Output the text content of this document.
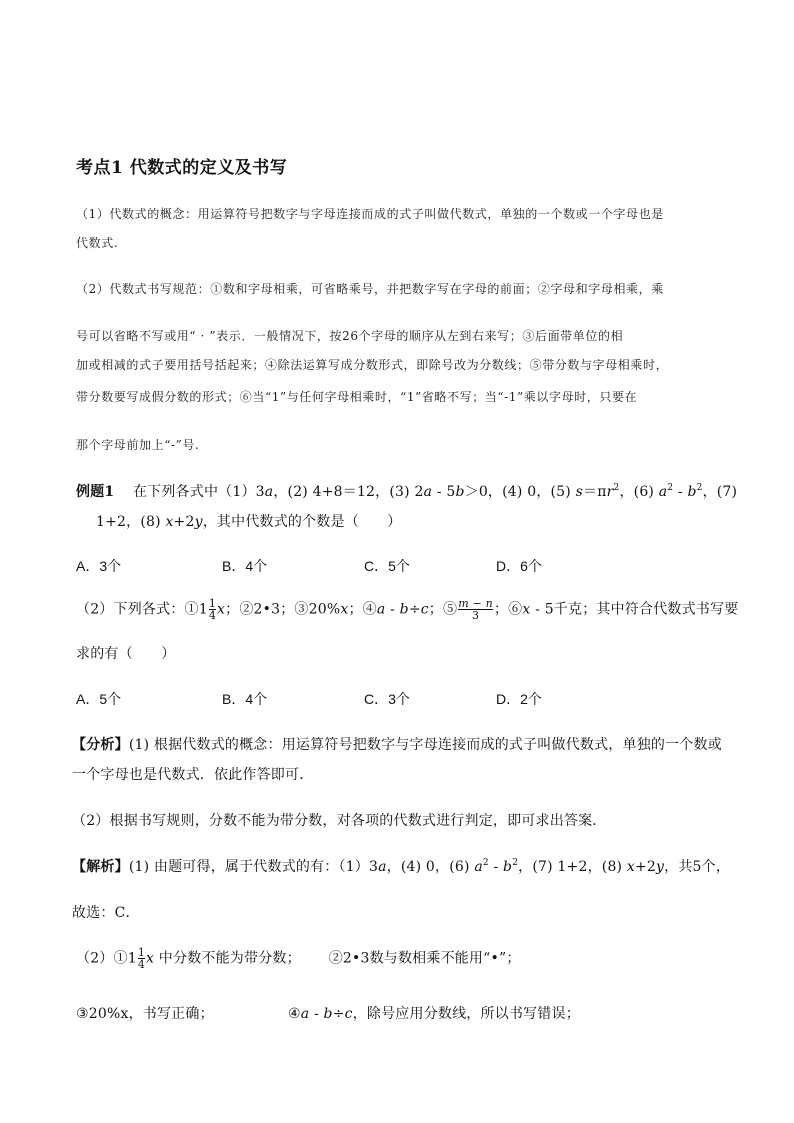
考点1 代数式的定义及书写
（1）代数式的概念：用运算符号把数字与字母连接而成的式子叫做代数式，单独的一个数或一个字母也是
代数式.
（2）代数式书写规范：①数和字母相乘，可省略乘号，并把数字写在字母的前面；②字母和字母相乘，乘
号可以省略不写或用“ · ”表示．一般情况下，按26个字母的顺序从左到右来写；③后面带单位的相
加或相减的式子要用括号括起来；④除法运算写成分数形式，即除号改为分数线；⑤带分数与字母相乘时，
带分数要写成假分数的形式；⑥当“1”与任何字母相乘时，“1”省略不写；当“-1”乘以字母时，只要在
那个字母前加上“-”号.
例题1 在下列各式中（1）3a，(2) 4+8＝12，(3) 2a - 5b＞0，(4) 0，(5) $s=\pi r^2$，(6) $a^2 - b^2$，(7)
1+2，(8) x+2y，其中代数式的个数是（　　）
A．3个	B．4个	C．5个	D．6个
（2）下列各式：①1 $\frac{1}{4}$ x；②2•3；③20%x；④a - b÷c；⑤ $\frac{m - n}{3}$ ；⑥x - 5千克；其中符合代数式书写要
求的有（　　）
A．5个	B．4个	C．3个	D．2个
【分析】(1) 根据代数式的概念：用运算符号把数字与字母连接而成的式子叫做代数式，单独的一个数或
一个字母也是代数式．依此作答即可．
（2）根据书写规则，分数不能为带分数，对各项的代数式进行判定，即可求出答案．
【解析】(1) 由题可得，属于代数式的有：（1）3a，(4) 0，(6) $a^2 - b^2$，(7) 1+2，(8) x+2y，共5个，
故选：C．
（2）①1 $\frac{1}{4}$ x 中分数不能为带分数；      ②2•3数与数相乘不能用“•”；
③20%x，书写正确；	④a - b÷c，除号应用分数线，所以书写错误；
